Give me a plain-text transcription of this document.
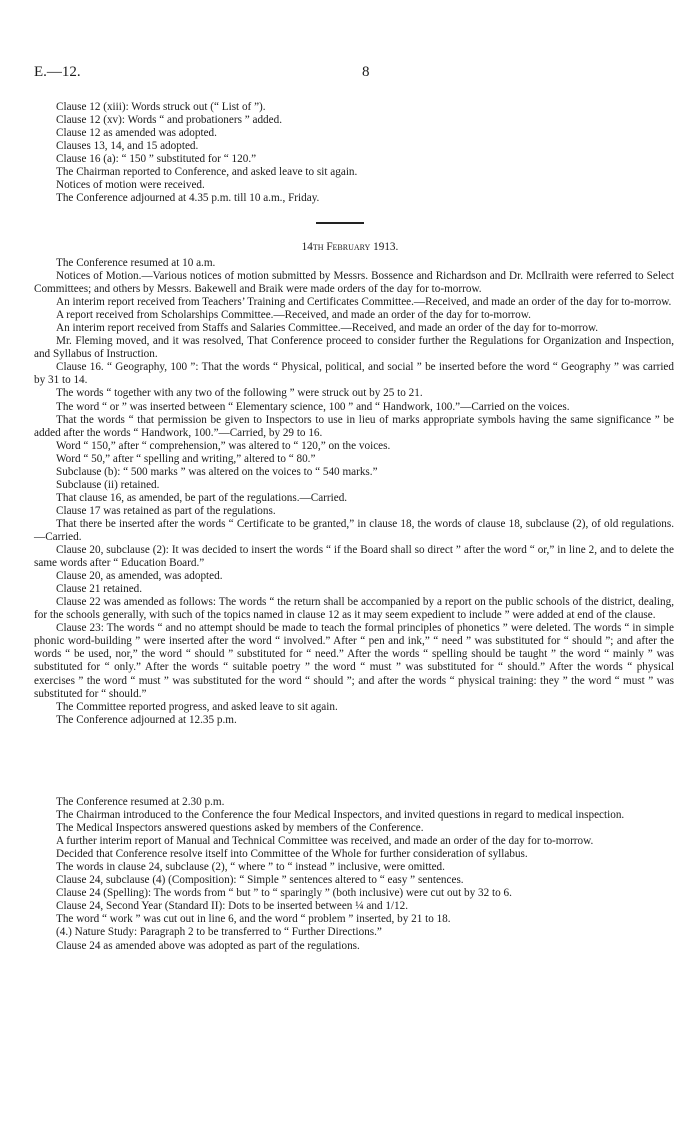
E.—12.	8

Clause 12 (xiii): Words struck out (“ List of ”).

Clause 12 (xv): Words “ and probationers ” added.

Clause 12 as amended was adopted.

Clauses 13, 14, and 15 adopted.

Clause 16 (a): “ 150 ” substituted for “ 120.”

The Chairman reported to Conference, and asked leave to sit again.

Notices of motion were received.

The Conference adjourned at 4.35 p.m. till 10 a.m., Friday.

14th February 1913.

The Conference resumed at 10 a.m.

Notices of Motion.—Various notices of motion submitted by Messrs. Bossence and Richardson and Dr. McIlraith were referred to Select Committees; and others by Messrs. Bakewell and Braik were made orders of the day for to-morrow.

An interim report received from Teachers’ Training and Certificates Committee.—Received, and made an order of the day for to-morrow.

A report received from Scholarships Committee.—Received, and made an order of the day for to-morrow.

An interim report received from Staffs and Salaries Committee.—Received, and made an order of the day for to-morrow.

Mr. Fleming moved, and it was resolved, That Conference proceed to consider further the Regulations for Organization and Inspection, and Syllabus of Instruction.

Clause 16. “ Geography, 100 ”: That the words “ Physical, political, and social ” be inserted before the word “ Geography ” was carried by 31 to 14.

The words “ together with any two of the following ” were struck out by 25 to 21.

The word “ or ” was inserted between “ Elementary science, 100 ” and “ Handwork, 100.”—Carried on the voices.

That the words “ that permission be given to Inspectors to use in lieu of marks appropriate symbols having the same significance ” be added after the words “ Handwork, 100.”—Carried, by 29 to 16.

Word “ 150,” after “ comprehension,” was altered to “ 120,” on the voices.

Word “ 50,” after “ spelling and writing,” altered to “ 80.”

Subclause (b): “ 500 marks ” was altered on the voices to “ 540 marks.”

Subclause (ii) retained.

That clause 16, as amended, be part of the regulations.—Carried.

Clause 17 was retained as part of the regulations.

That there be inserted after the words “ Certificate to be granted,” in clause 18, the words of clause 18, subclause (2), of old regulations.—Carried.

Clause 20, subclause (2): It was decided to insert the words “ if the Board shall so direct ” after the word “ or,” in line 2, and to delete the same words after “ Education Board.”

Clause 20, as amended, was adopted.

Clause 21 retained.

Clause 22 was amended as follows: The words “ the return shall be accompanied by a report on the public schools of the district, dealing, for the schools generally, with such of the topics named in clause 12 as it may seem expedient to include ” were added at end of the clause.

Clause 23: The words “ and no attempt should be made to teach the formal principles of phonetics ” were deleted. The words “ in simple phonic word-building ” were inserted after the word “ involved.” After “ pen and ink,” “ need ” was substituted for “ should ”; and after the words “ be used, nor,” the word “ should ” substituted for “ need.” After the words “ spelling should be taught ” the word “ mainly ” was substituted for “ only.” After the words “ suitable poetry ” the word “ must ” was substituted for “ should.” After the words “ physical exercises ” the word “ must ” was substituted for the word “ should ”; and after the words “ physical training: they ” the word “ must ” was substituted for “ should.”

The Committee reported progress, and asked leave to sit again.

The Conference adjourned at 12.35 p.m.

The Conference resumed at 2.30 p.m.

The Chairman introduced to the Conference the four Medical Inspectors, and invited questions in regard to medical inspection.

The Medical Inspectors answered questions asked by members of the Conference.

A further interim report of Manual and Technical Committee was received, and made an order of the day for to-morrow.

Decided that Conference resolve itself into Committee of the Whole for further consideration of syllabus.

The words in clause 24, subclause (2), “ where ” to “ instead ” inclusive, were omitted.

Clause 24, subclause (4) (Composition): “ Simple ” sentences altered to “ easy ” sentences.

Clause 24 (Spelling): The words from “ but ” to “ sparingly ” (both inclusive) were cut out by 32 to 6.

Clause 24, Second Year (Standard II): Dots to be inserted between ¼ and 1/12.

The word “ work ” was cut out in line 6, and the word “ problem ” inserted, by 21 to 18.

(4.) Nature Study: Paragraph 2 to be transferred to “ Further Directions.”

Clause 24 as amended above was adopted as part of the regulations.
